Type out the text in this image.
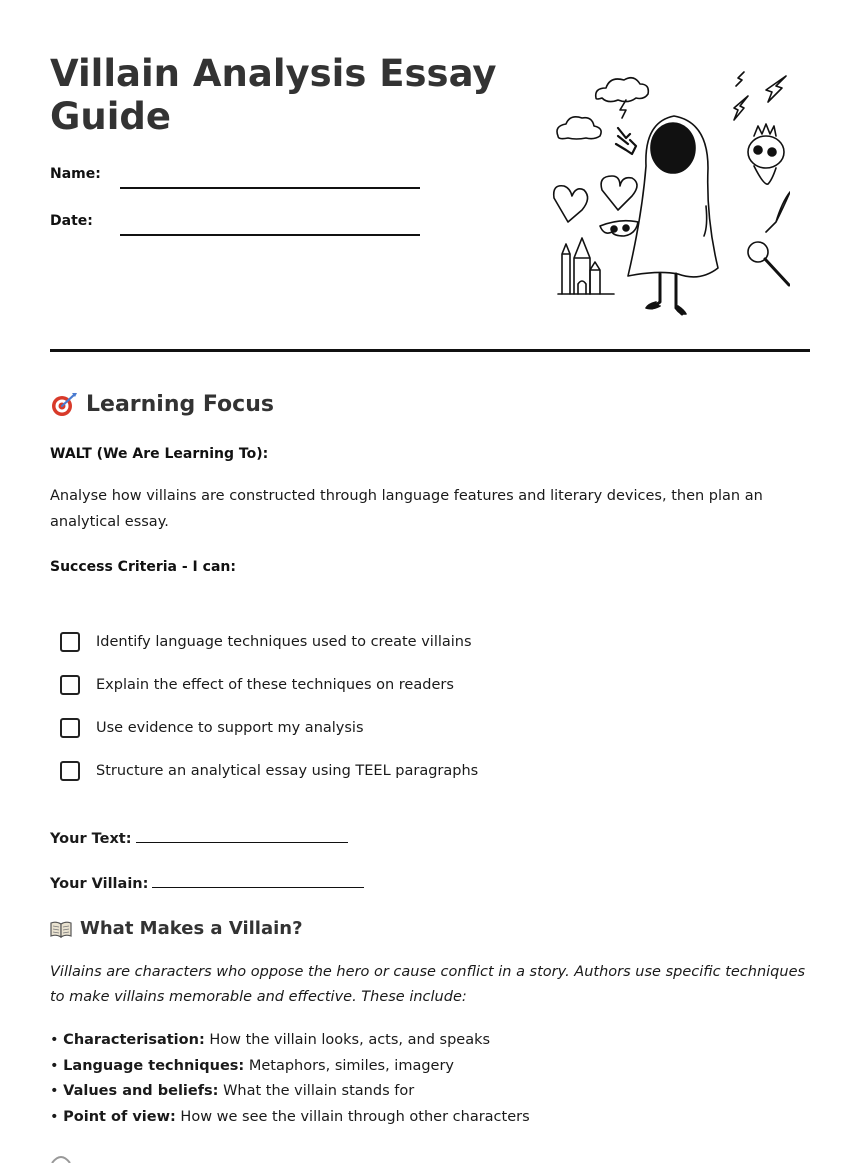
Villain Analysis Essay Guide
Name:
Date:
Learning Focus
WALT (We Are Learning To):

Analyse how villains are constructed through language features and literary devices, then plan an analytical essay.

Success Criteria - I can:
Identify language techniques used to create villains
Explain the effect of these techniques on readers
Use evidence to support my analysis
Structure an analytical essay using TEEL paragraphs
Your Text:
Your Villain:
What Makes a Villain?

Villains are characters who oppose the hero or cause conflict in a story. Authors use specific techniques to make villains memorable and effective. These include:

• Characterisation: How the villain looks, acts, and speaks
• Language techniques: Metaphors, similes, imagery
• Values and beliefs: What the villain stands for
• Point of view: How we see the villain through other characters
